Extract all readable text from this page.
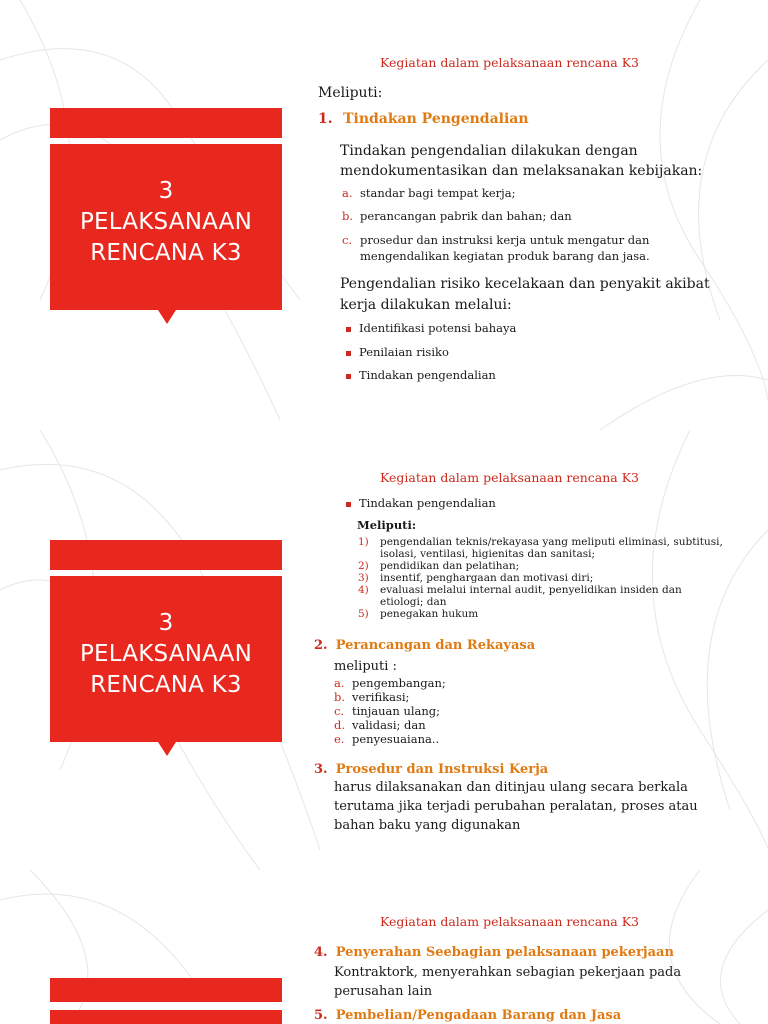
3
PELAKSANAAN
RENCANA K3
Kegiatan dalam pelaksanaan rencana K3
Meliputi:
1. Tindakan Pengendalian
Tindakan pengendalian dilakukan dengan
mendokumentasikan dan melaksanakan kebijakan:
a. standar bagi tempat kerja;
b. perancangan pabrik dan bahan; dan
c. prosedur dan instruksi kerja untuk mengatur dan
mengendalikan kegiatan produk barang dan jasa.
Pengendalian risiko kecelakaan dan penyakit akibat
kerja dilakukan melalui:
Identifikasi potensi bahaya
Penilaian risiko
Tindakan pengendalian
3
PELAKSANAAN
RENCANA K3
Kegiatan dalam pelaksanaan rencana K3
Tindakan pengendalian
Meliputi:
1) pengendalian teknis/rekayasa yang meliputi eliminasi, subtitusi,
isolasi, ventilasi, higienitas dan sanitasi;
2) pendidikan dan pelatihan;
3) insentif, penghargaan dan motivasi diri;
4) evaluasi melalui internal audit, penyelidikan insiden dan
etiologi; dan
5) penegakan hukum
2. Perancangan dan Rekayasa
meliputi :
a. pengembangan;
b. verifikasi;
c. tinjauan ulang;
d. validasi; dan
e. penyesuaiana..
3. Prosedur dan Instruksi Kerja
harus dilaksanakan dan ditinjau ulang secara berkala
terutama jika terjadi perubahan peralatan, proses atau
bahan baku yang digunakan
Kegiatan dalam pelaksanaan rencana K3
4. Penyerahan Seebagian pelaksanaan pekerjaan
Kontraktork, menyerahkan sebagian pekerjaan pada
perusahan lain
5. Pembelian/Pengadaan Barang dan Jasa
